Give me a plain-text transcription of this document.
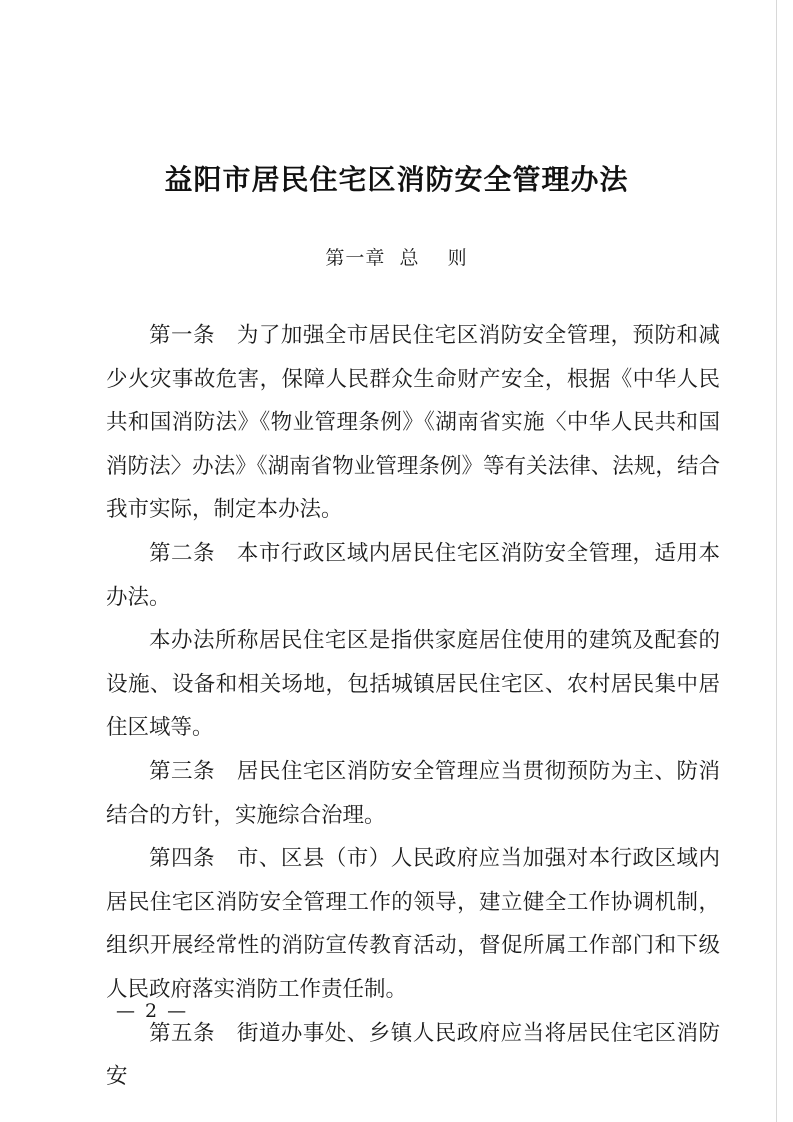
益阳市居民住宅区消防安全管理办法
第一章  总    则

第一条 为了加强全市居民住宅区消防安全管理，预防和减少火灾事故危害，保障人民群众生命财产安全，根据《中华人民共和国消防法》《物业管理条例》《湖南省实施〈中华人民共和国消防法〉办法》《湖南省物业管理条例》等有关法律、法规，结合我市实际，制定本办法。

第二条 本市行政区域内居民住宅区消防安全管理，适用本办法。

本办法所称居民住宅区是指供家庭居住使用的建筑及配套的设施、设备和相关场地，包括城镇居民住宅区、农村居民集中居住区域等。

第三条 居民住宅区消防安全管理应当贯彻预防为主、防消结合的方针，实施综合治理。

第四条 市、区县（市）人民政府应当加强对本行政区域内居民住宅区消防安全管理工作的领导，建立健全工作协调机制，组织开展经常性的消防宣传教育活动，督促所属工作部门和下级人民政府落实消防工作责任制。

第五条 街道办事处、乡镇人民政府应当将居民住宅区消防安

— 2 —
